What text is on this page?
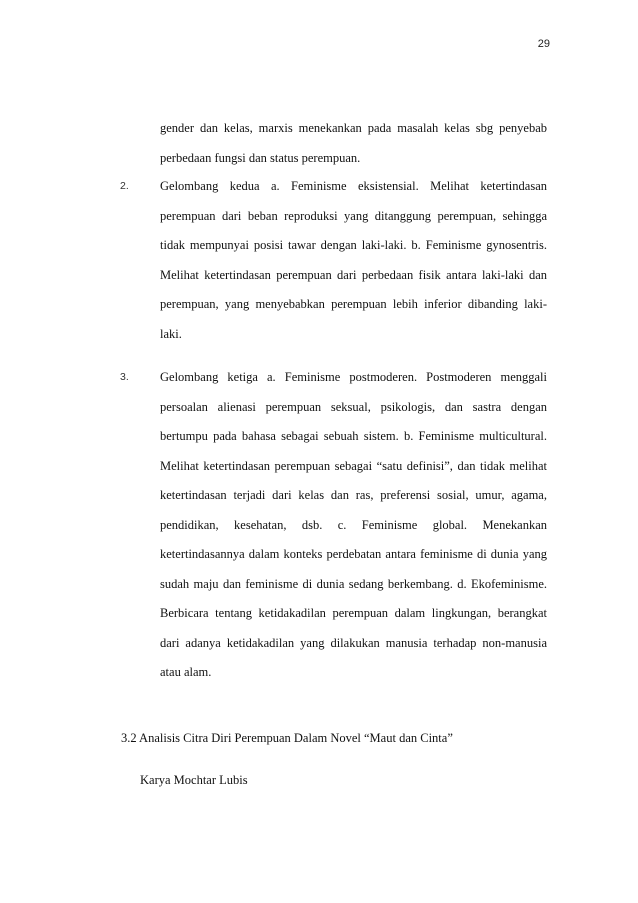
29
gender dan kelas, marxis menekankan pada masalah kelas sbg penyebab perbedaan fungsi dan status perempuan.
2. Gelombang kedua a. Feminisme eksistensial. Melihat ketertindasan perempuan dari beban reproduksi yang ditanggung perempuan, sehingga tidak mempunyai posisi tawar dengan laki-laki. b. Feminisme gynosentris. Melihat ketertindasan perempuan dari perbedaan fisik antara laki-laki dan perempuan, yang menyebabkan perempuan lebih inferior dibanding laki-laki.
3. Gelombang ketiga a. Feminisme postmoderen. Postmoderen menggali persoalan alienasi perempuan seksual, psikologis, dan sastra dengan bertumpu pada bahasa sebagai sebuah sistem. b. Feminisme multicultural. Melihat ketertindasan perempuan sebagai “satu definisi”, dan tidak melihat ketertindasan terjadi dari kelas dan ras, preferensi sosial, umur, agama, pendidikan, kesehatan, dsb. c. Feminisme global. Menekankan ketertindasannya dalam konteks perdebatan antara feminisme di dunia yang sudah maju dan feminisme di dunia sedang berkembang. d. Ekofeminisme. Berbicara tentang ketidakadilan perempuan dalam lingkungan, berangkat dari adanya ketidakadilan yang dilakukan manusia terhadap non-manusia atau alam.
3.2 Analisis Citra Diri Perempuan Dalam Novel “Maut dan Cinta”
Karya Mochtar Lubis
